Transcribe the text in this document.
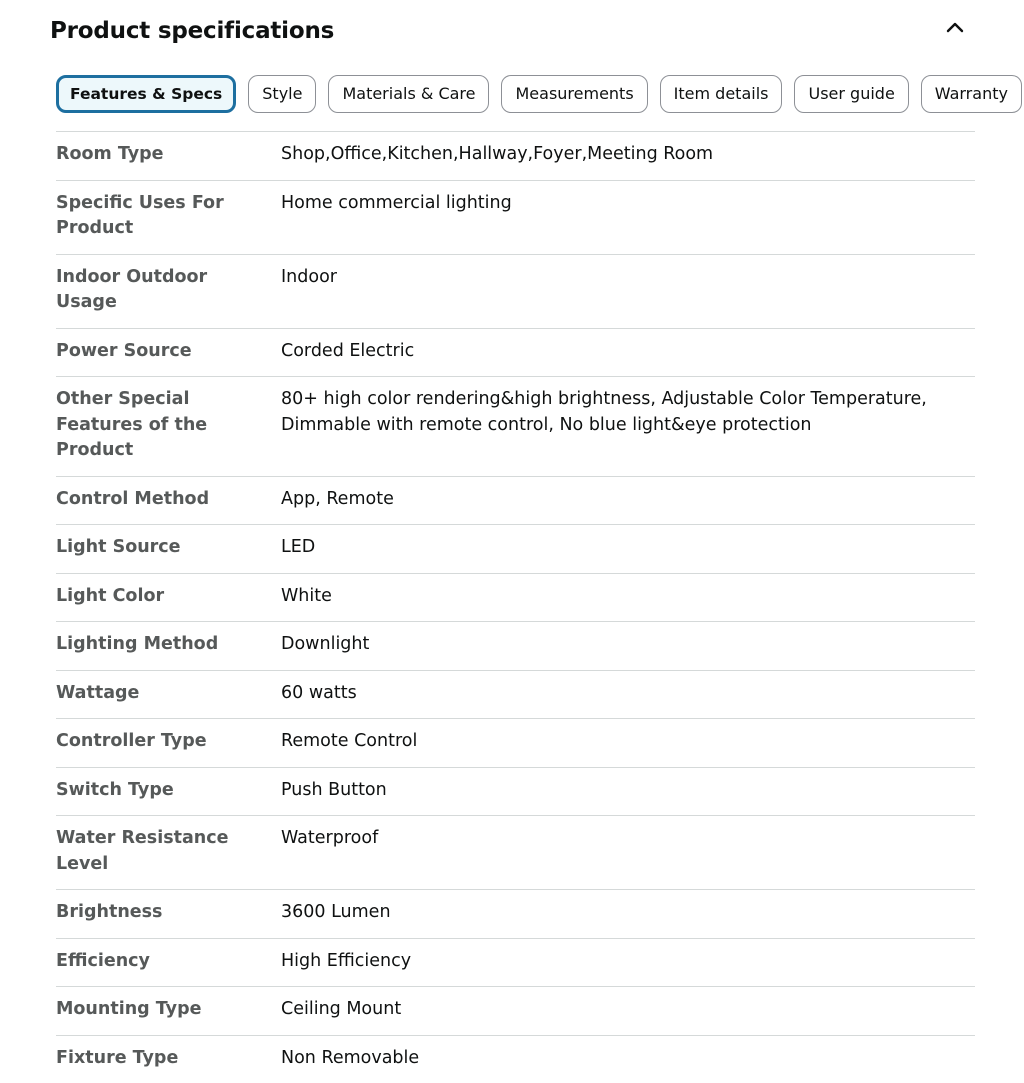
Product specifications
Features & Specs	Style	Materials & Care	Measurements	Item details	User guide	Warranty
Room Type	Shop,Office,Kitchen,Hallway,Foyer,Meeting Room
Specific Uses For Product	Home commercial lighting
Indoor Outdoor Usage	Indoor
Power Source	Corded Electric
Other Special Features of the Product	80+ high color rendering&high brightness, Adjustable Color Temperature, Dimmable with remote control, No blue light&eye protection
Control Method	App, Remote
Light Source	LED
Light Color	White
Lighting Method	Downlight
Wattage	60 watts
Controller Type	Remote Control
Switch Type	Push Button
Water Resistance Level	Waterproof
Brightness	3600 Lumen
Efficiency	High Efficiency
Mounting Type	Ceiling Mount
Fixture Type	Non Removable
